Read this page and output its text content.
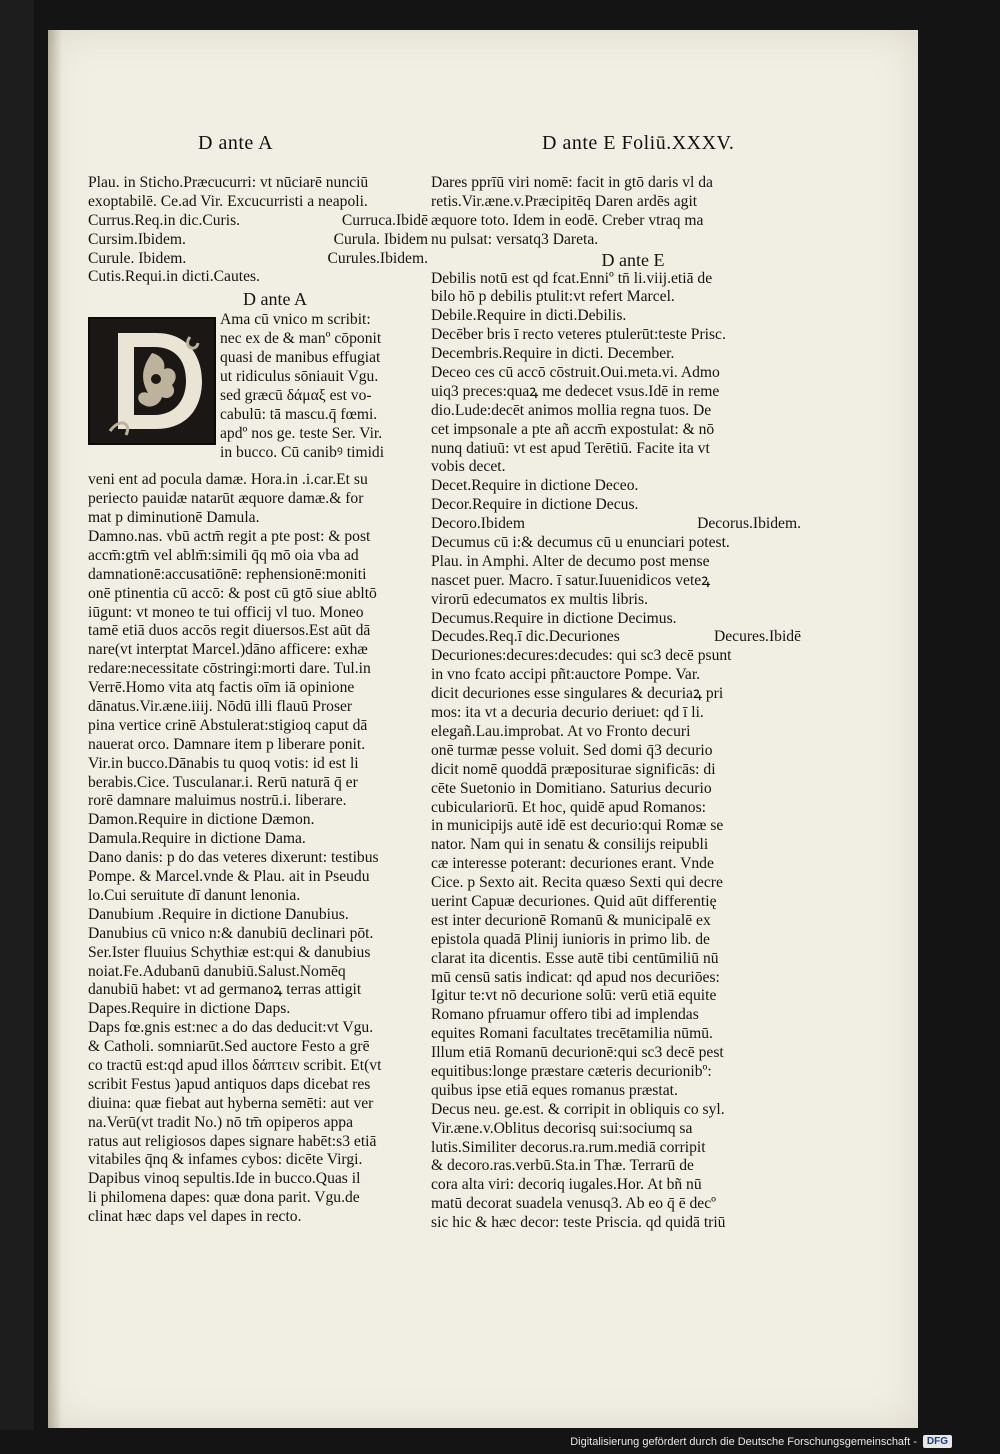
D ante A	D ante E Foliū.XXXV.
Plau. in Sticho.Præcucurri: vt nūciarē nunciū
exoptabilē. Ce.ad Vir. Excucurristi a neapoli.
Currus.Req.in dic.Curis.	Curruca.Ibidē
Cursim.Ibidem.	Curula. Ibidem
Curule. Ibidem.	Curules.Ibidem.
Cutis.Requi.in dicti.Cautes.
D ante A
Ama cū vnico m scribit:
nec ex de & manº cōponit
quasi de manibus effugiat
ut ridiculus sōniauit Vgu.
sed græcū δάμαξ est vo-
cabulū: tā mascu.q̄ fœmi.
apdº nos ge. teste Ser. Vir.
in bucco. Cū canibꝰ timidi
veni ent ad pocula damæ. Hora.in .i.car.Et su
periecto pauidæ natarūt æquore damæ.& for
mat p diminutionē Damula.
Damno.nas. vbū actm̄ regit a pte post: & post
accm̄:gtm̄ vel ablm̄:simili q̄q mō oia vba ad
damnationē:accusatiōnē: rephensionē:moniti
onē ptinentia cū accō: & post cū gtō siue abltō
iūgunt: vt moneo te tui officij vl tuo. Moneo
tamē etiā duos accōs regit diuersos.Est aūt dā
nare(vt interptat Marcel.)dāno afficere: exhæ
redare:necessitate cōstringi:morti dare. Tul.in
Verrē.Homo vita atq factis oīm iā opinione
dānatus.Vir.æne.iiij. Nōdū illi flauū Proser
pina vertice crinē Abstulerat:stigioq caput dā
nauerat orco. Damnare item p liberare ponit.
Vir.in bucco.Dānabis tu quoq votis: id est li
berabis.Cice. Tusculanar.i. Rerū naturā q̄ er
rorē damnare maluimus nostrū.i. liberare.
Damon.Require in dictione Dæmon.
Damula.Require in dictione Dama.
Dano danis: p do das veteres dixerunt: testibus
Pompe. & Marcel.vnde & Plau. ait in Pseudu
lo.Cui seruitute dī danunt lenonia.
Danubium .Require in dictione Danubius.
Danubius cū vnico n:& danubiū declinari pōt.
Ser.Ister fluuius Schythiæ est:qui & danubius
noiat.Fe.Adubanū danubiū.Salust.Nomēq
danubiū habet: vt ad germanoꝝ terras attigit
Dapes.Require in dictione Daps.
Daps fœ.gnis est:nec a do das deducit:vt Vgu.
& Catholi. somniarūt.Sed auctore Festo a grē
co tractū est:qd apud illos δάπτειν scribit. Et(vt
scribit Festus )apud antiquos daps dicebat res
diuina: quæ fiebat aut hyberna semēti: aut ver
na.Verū(vt tradit No.) nō tm̄ opiperos appa
ratus aut religiosos dapes signare habēt:s3 etiā
vitabiles q̄nq & infames cybos: dicēte Virgi.
Dapibus vinoq sepultis.Ide in bucco.Quas il
li philomena dapes: quæ dona parit. Vgu.de
clinat hæc daps vel dapes in recto.
Dares pprīū viri nomē: facit in gtō daris vl da
retis.Vir.æne.v.Præcipitēq Daren ardēs agit
æquore toto. Idem in eodē. Creber vtraq ma
nu pulsat: versatq3 Dareta.
D ante E
Debilis notū est qd fcat.Enniº tn̄ li.viij.etiā de
bilo hō p debilis ptulit:vt refert Marcel.
Debile.Require in dicti.Debilis.
Decēber bris ī recto veteres ptulerūt:teste Prisc.
Decembris.Require in dicti. December.
Deceo ces cū accō cōstruit.Oui.meta.vi. Admo
uiq3 preces:quaꝝ me dedecet vsus.Idē in reme
dio.Lude:decēt animos mollia regna tuos. De
cet impsonale a pte añ accm̄ expostulat: & nō
nunq datiuū: vt est apud Terētiū. Facite ita vt
vobis decet.
Decet.Require in dictione Deceo.
Decor.Require in dictione Decus.
Decoro.Ibidem	Decorus.Ibidem.
Decumus cū i:& decumus cū u enunciari potest.
Plau. in Amphi. Alter de decumo post mense
nascet puer. Macro. ī satur.Iuuenidicos veteꝝ
virorū edecumatos ex multis libris.
Decumus.Require in dictione Decimus.
Decudes.Req.ī dic.Decuriones	Decures.Ibidē
Decuriones:decures:decudes: qui sc3 decē psunt
in vno fcato accipi pñt:auctore Pompe. Var.
dicit decuriones esse singulares & decuriaꝝ pri
mos: ita vt a decuria decurio deriuet: qd ī li.
elegañ.Lau.improbat. At vo Fronto decuri
onē turmæ pesse voluit. Sed domi q̄3 decurio
dicit nomē quoddā præpositurae significās: di
cēte Suetonio in Domitiano. Saturius decurio
cubiculariorū. Et hoc, quidē apud Romanos:
in municipijs autē idē est decurio:qui Romæ se
nator. Nam qui in senatu & consilijs reipubli
cæ interesse poterant: decuriones erant. Vnde
Cice. p Sexto ait. Recita quæso Sexti qui decre
uerint Capuæ decuriones. Quid aūt differentię
est inter decurionē Romanū & municipalē ex
epistola quadā Plinij iunioris in primo lib. de
clarat ita dicentis. Esse autē tibi centūmiliū nū
mū censū satis indicat: qd apud nos decuriōes:
Igitur te:vt nō decurione solū: verū etiā equite
Romano pfruamur offero tibi ad implendas
equites Romani facultates trecētamilia nūmū.
Illum etiā Romanū decurionē:qui sc3 decē pest
equitibus:longe præstare cæteris decurionibº:
quibus ipse etiā eques romanus præstat.
Decus neu. ge.est. & corripit in obliquis co syl.
Vir.æne.v.Oblitus decorisq sui:sociumq sa
lutis.Similiter decorus.ra.rum.mediā corripit
& decoro.ras.verbū.Sta.in Thæ. Terrarū de
cora alta viri: decoriq iugales.Hor. At bñ nū
matū decorat suadela venusq3. Ab eo q̄ ē decº
sic hic & hæc decor: teste Priscia. qd quidā triū
Digitalisierung gefördert durch die Deutsche Forschungsgemeinschaft -	DFG
